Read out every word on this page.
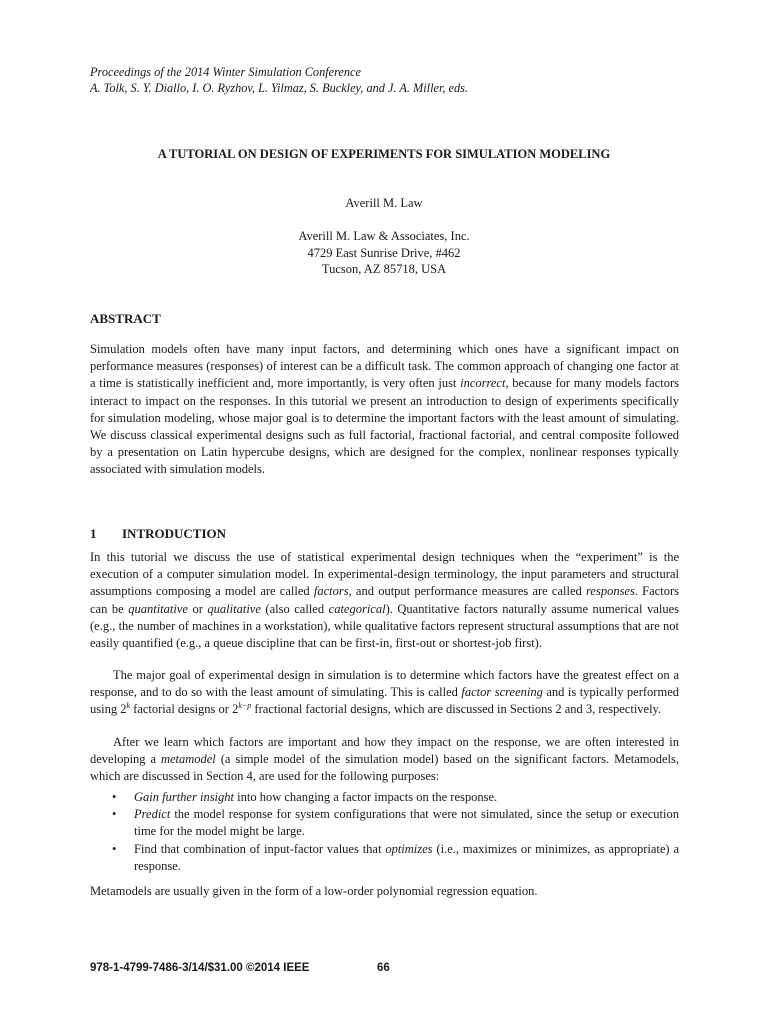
Proceedings of the 2014 Winter Simulation Conference
A. Tolk, S. Y. Diallo, I. O. Ryzhov, L. Yilmaz, S. Buckley, and J. A. Miller, eds.
A TUTORIAL ON DESIGN OF EXPERIMENTS FOR SIMULATION MODELING
Averill M. Law
Averill M. Law & Associates, Inc.
4729 East Sunrise Drive, #462
Tucson, AZ 85718, USA
ABSTRACT
Simulation models often have many input factors, and determining which ones have a significant impact on performance measures (responses) of interest can be a difficult task. The common approach of changing one factor at a time is statistically inefficient and, more importantly, is very often just incorrect, because for many models factors interact to impact on the responses. In this tutorial we present an introduction to design of experiments specifically for simulation modeling, whose major goal is to determine the important factors with the least amount of simulating. We discuss classical experimental designs such as full factorial, fractional factorial, and central composite followed by a presentation on Latin hypercube designs, which are designed for the complex, nonlinear responses typically associated with simulation models.
1 INTRODUCTION
In this tutorial we discuss the use of statistical experimental design techniques when the “experiment” is the execution of a computer simulation model. In experimental-design terminology, the input parameters and structural assumptions composing a model are called factors, and output performance measures are called responses. Factors can be quantitative or qualitative (also called categorical). Quantitative factors naturally assume numerical values (e.g., the number of machines in a workstation), while qualitative factors represent structural assumptions that are not easily quantified (e.g., a queue discipline that can be first-in, first-out or shortest-job first).
The major goal of experimental design in simulation is to determine which factors have the greatest effect on a response, and to do so with the least amount of simulating. This is called factor screening and is typically performed using 2$^k$ factorial designs or $2^{k-p}$ fractional factorial designs, which are discussed in Sections 2 and 3, respectively.
After we learn which factors are important and how they impact on the response, we are often interested in developing a metamodel (a simple model of the simulation model) based on the significant factors. Metamodels, which are discussed in Section 4, are used for the following purposes:
• Gain further insight into how changing a factor impacts on the response.
• Predict the model response for system configurations that were not simulated, since the setup or execution time for the model might be large.
• Find that combination of input-factor values that optimizes (i.e., maximizes or minimizes, as appropriate) a response.
Metamodels are usually given in the form of a low-order polynomial regression equation.
978-1-4799-7486-3/14/$31.00 ©2014 IEEE	66
